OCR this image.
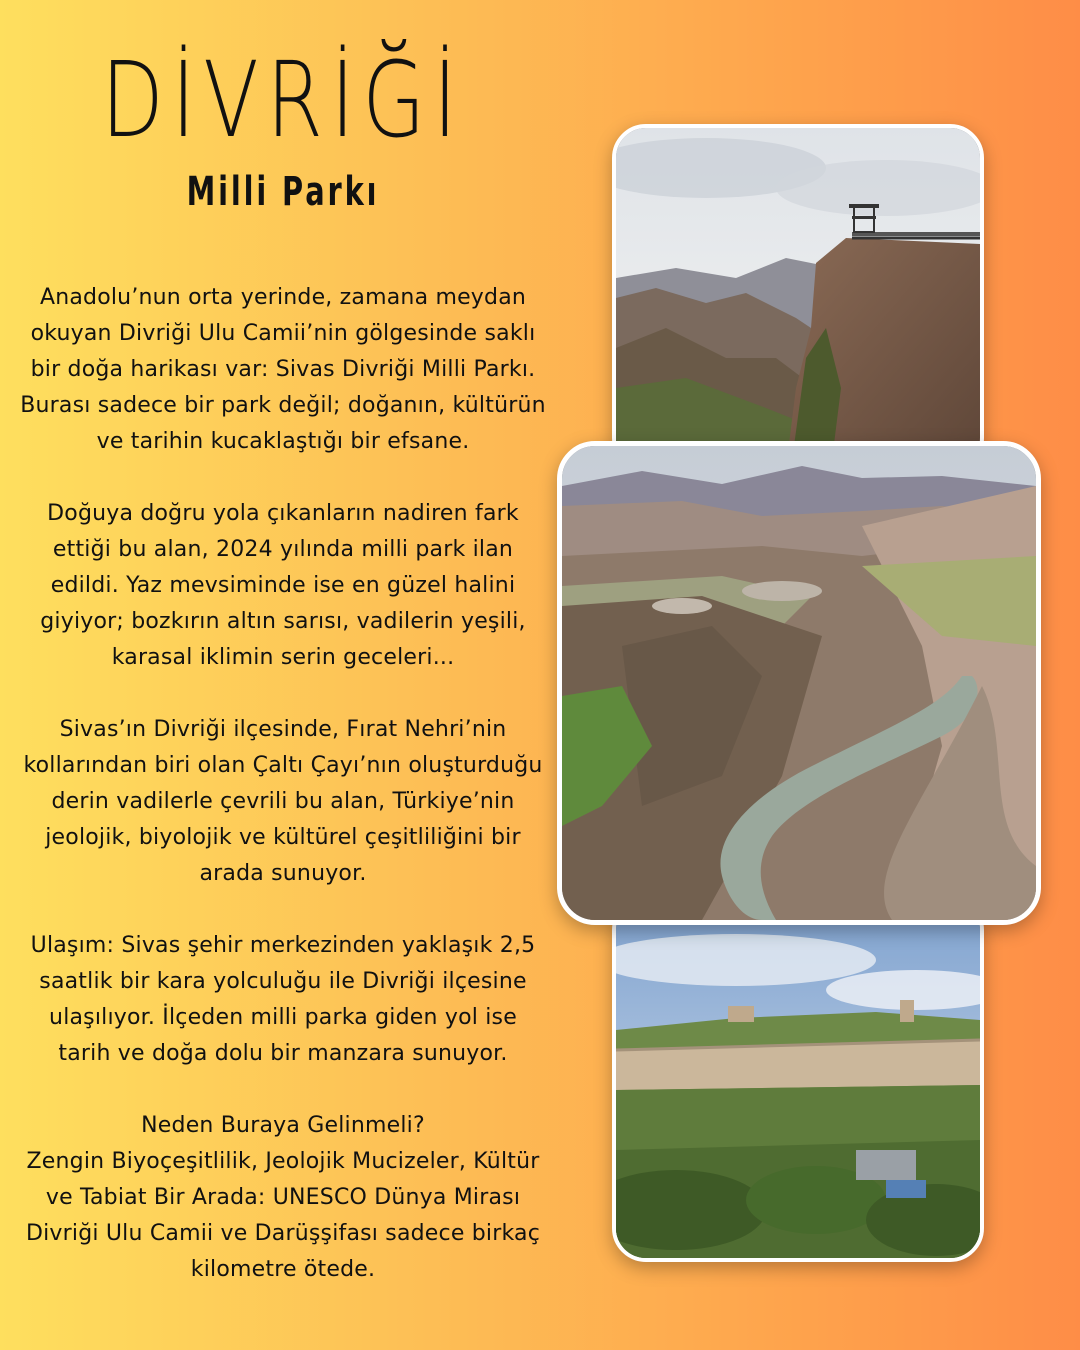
DİVRİĞİ
Milli Parkı

Anadolu’nun orta yerinde, zamana meydan
okuyan Divriği Ulu Camii’nin gölgesinde saklı
bir doğa harikası var: Sivas Divriği Milli Parkı.
Burası sadece bir park değil; doğanın, kültürün
ve tarihin kucaklaştığı bir efsane.

Doğuya doğru yola çıkanların nadiren fark
ettiği bu alan, 2024 yılında milli park ilan
edildi. Yaz mevsiminde ise en güzel halini
giyiyor; bozkırın altın sarısı, vadilerin yeşili,
karasal iklimin serin geceleri...

Sivas’ın Divriği ilçesinde, Fırat Nehri’nin
kollarından biri olan Çaltı Çayı’nın oluşturduğu
derin vadilerle çevrili bu alan, Türkiye’nin
jeolojik, biyolojik ve kültürel çeşitliliğini bir
arada sunuyor.

Ulaşım: Sivas şehir merkezinden yaklaşık 2,5
saatlik bir kara yolculuğu ile Divriği ilçesine
ulaşılıyor. İlçeden milli parka giden yol ise
tarih ve doğa dolu bir manzara sunuyor.

Neden Buraya Gelinmeli?
Zengin Biyoçeşitlilik, Jeolojik Mucizeler, Kültür
ve Tabiat Bir Arada: UNESCO Dünya Mirası
Divriği Ulu Camii ve Darüşşifası sadece birkaç
kilometre ötede.
